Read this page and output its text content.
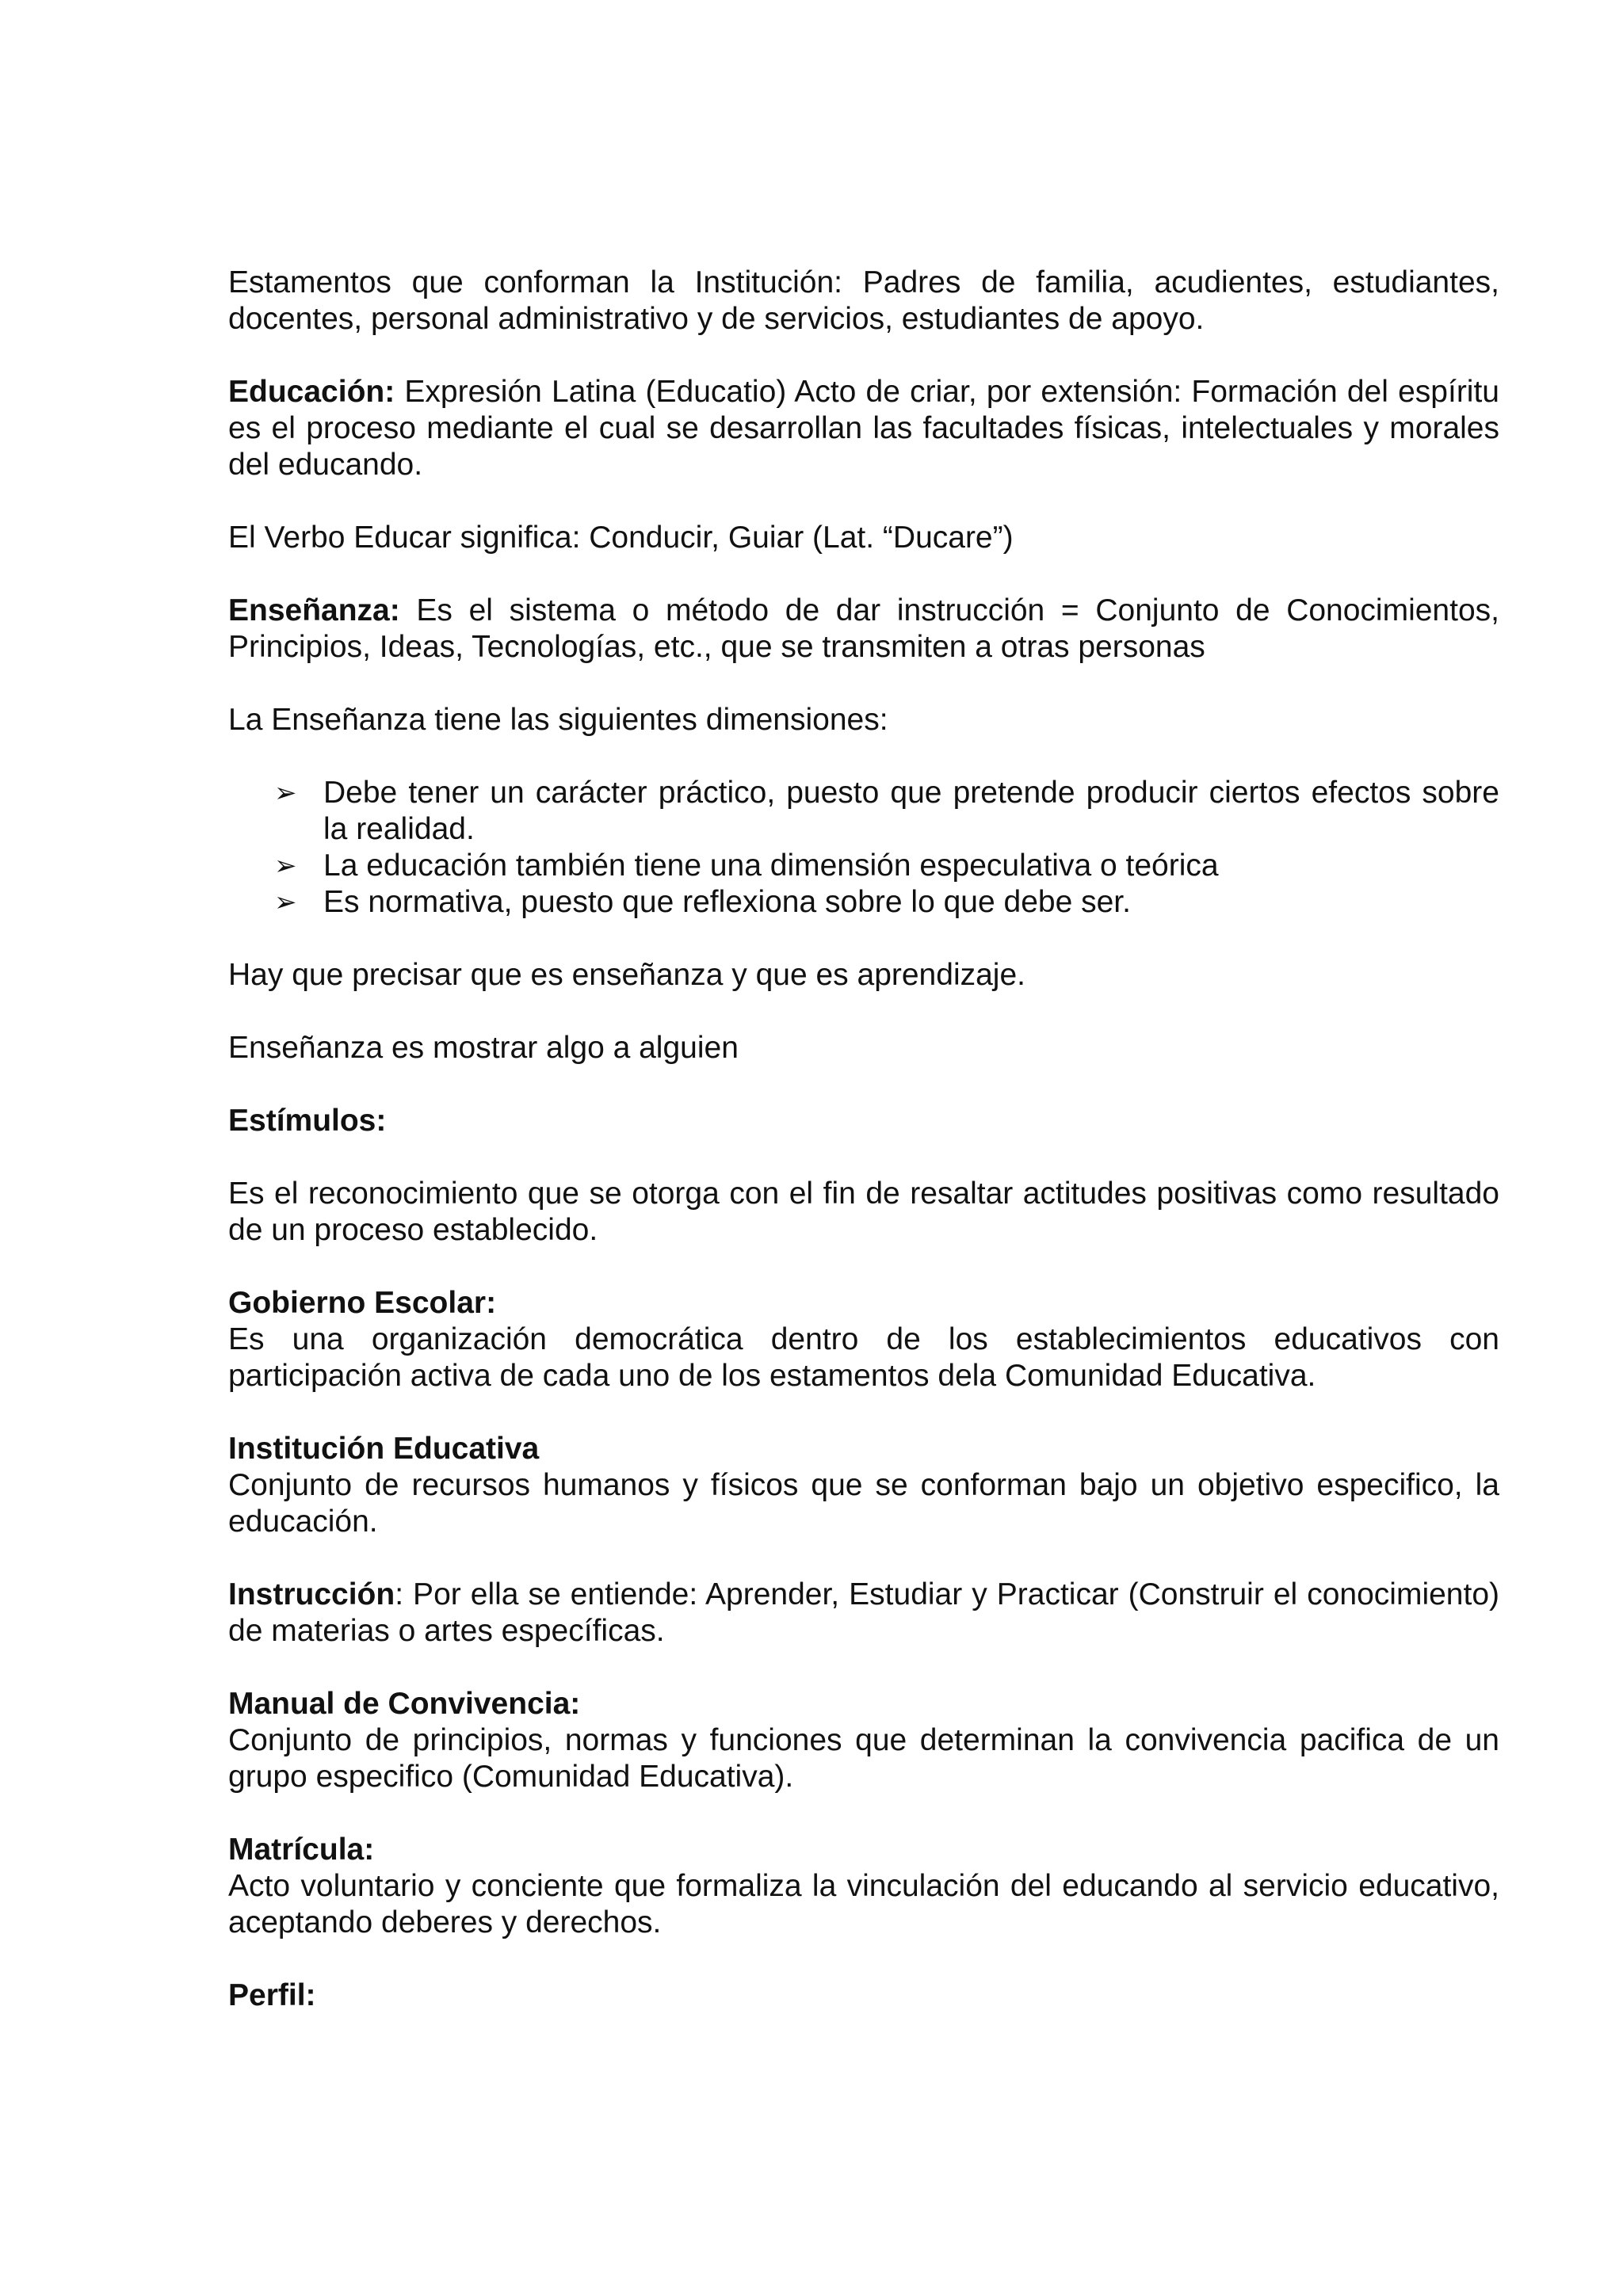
Estamentos que conforman la Institución: Padres de familia, acudientes, estudiantes, docentes, personal administrativo y de servicios, estudiantes de apoyo.

Educación: Expresión Latina (Educatio) Acto de criar, por extensión: Formación del espíritu es el proceso mediante el cual se desarrollan las facultades físicas, intelectuales y morales del educando.

El Verbo Educar significa: Conducir, Guiar (Lat. “Ducare”)

Enseñanza: Es el sistema o método de dar instrucción = Conjunto de Conocimientos, Principios, Ideas, Tecnologías, etc., que se transmiten a otras personas

La Enseñanza tiene las siguientes dimensiones:

➢ Debe tener un carácter práctico, puesto que pretende producir ciertos efectos sobre la realidad.
➢ La educación también tiene una dimensión especulativa o teórica
➢ Es normativa, puesto que reflexiona sobre lo que debe ser.

Hay que precisar que es enseñanza y que es aprendizaje.

Enseñanza es mostrar algo a alguien

Estímulos:

Es el reconocimiento que se otorga con el fin de resaltar actitudes positivas como resultado de un proceso establecido.

Gobierno Escolar:
Es una organización democrática dentro de los establecimientos educativos con participación activa de cada uno de los estamentos dela Comunidad Educativa.
Institución Educativa
Conjunto de recursos humanos y físicos que se conforman bajo un objetivo especifico, la educación.

Instrucción: Por ella se entiende: Aprender, Estudiar y Practicar (Construir el conocimiento) de materias o artes específicas.

Manual de Convivencia:
Conjunto de principios, normas y funciones que determinan la convivencia pacifica de un grupo especifico (Comunidad Educativa).
Matrícula:
Acto voluntario y conciente que formaliza la vinculación del educando al servicio educativo, aceptando deberes y derechos.
Perfil:
